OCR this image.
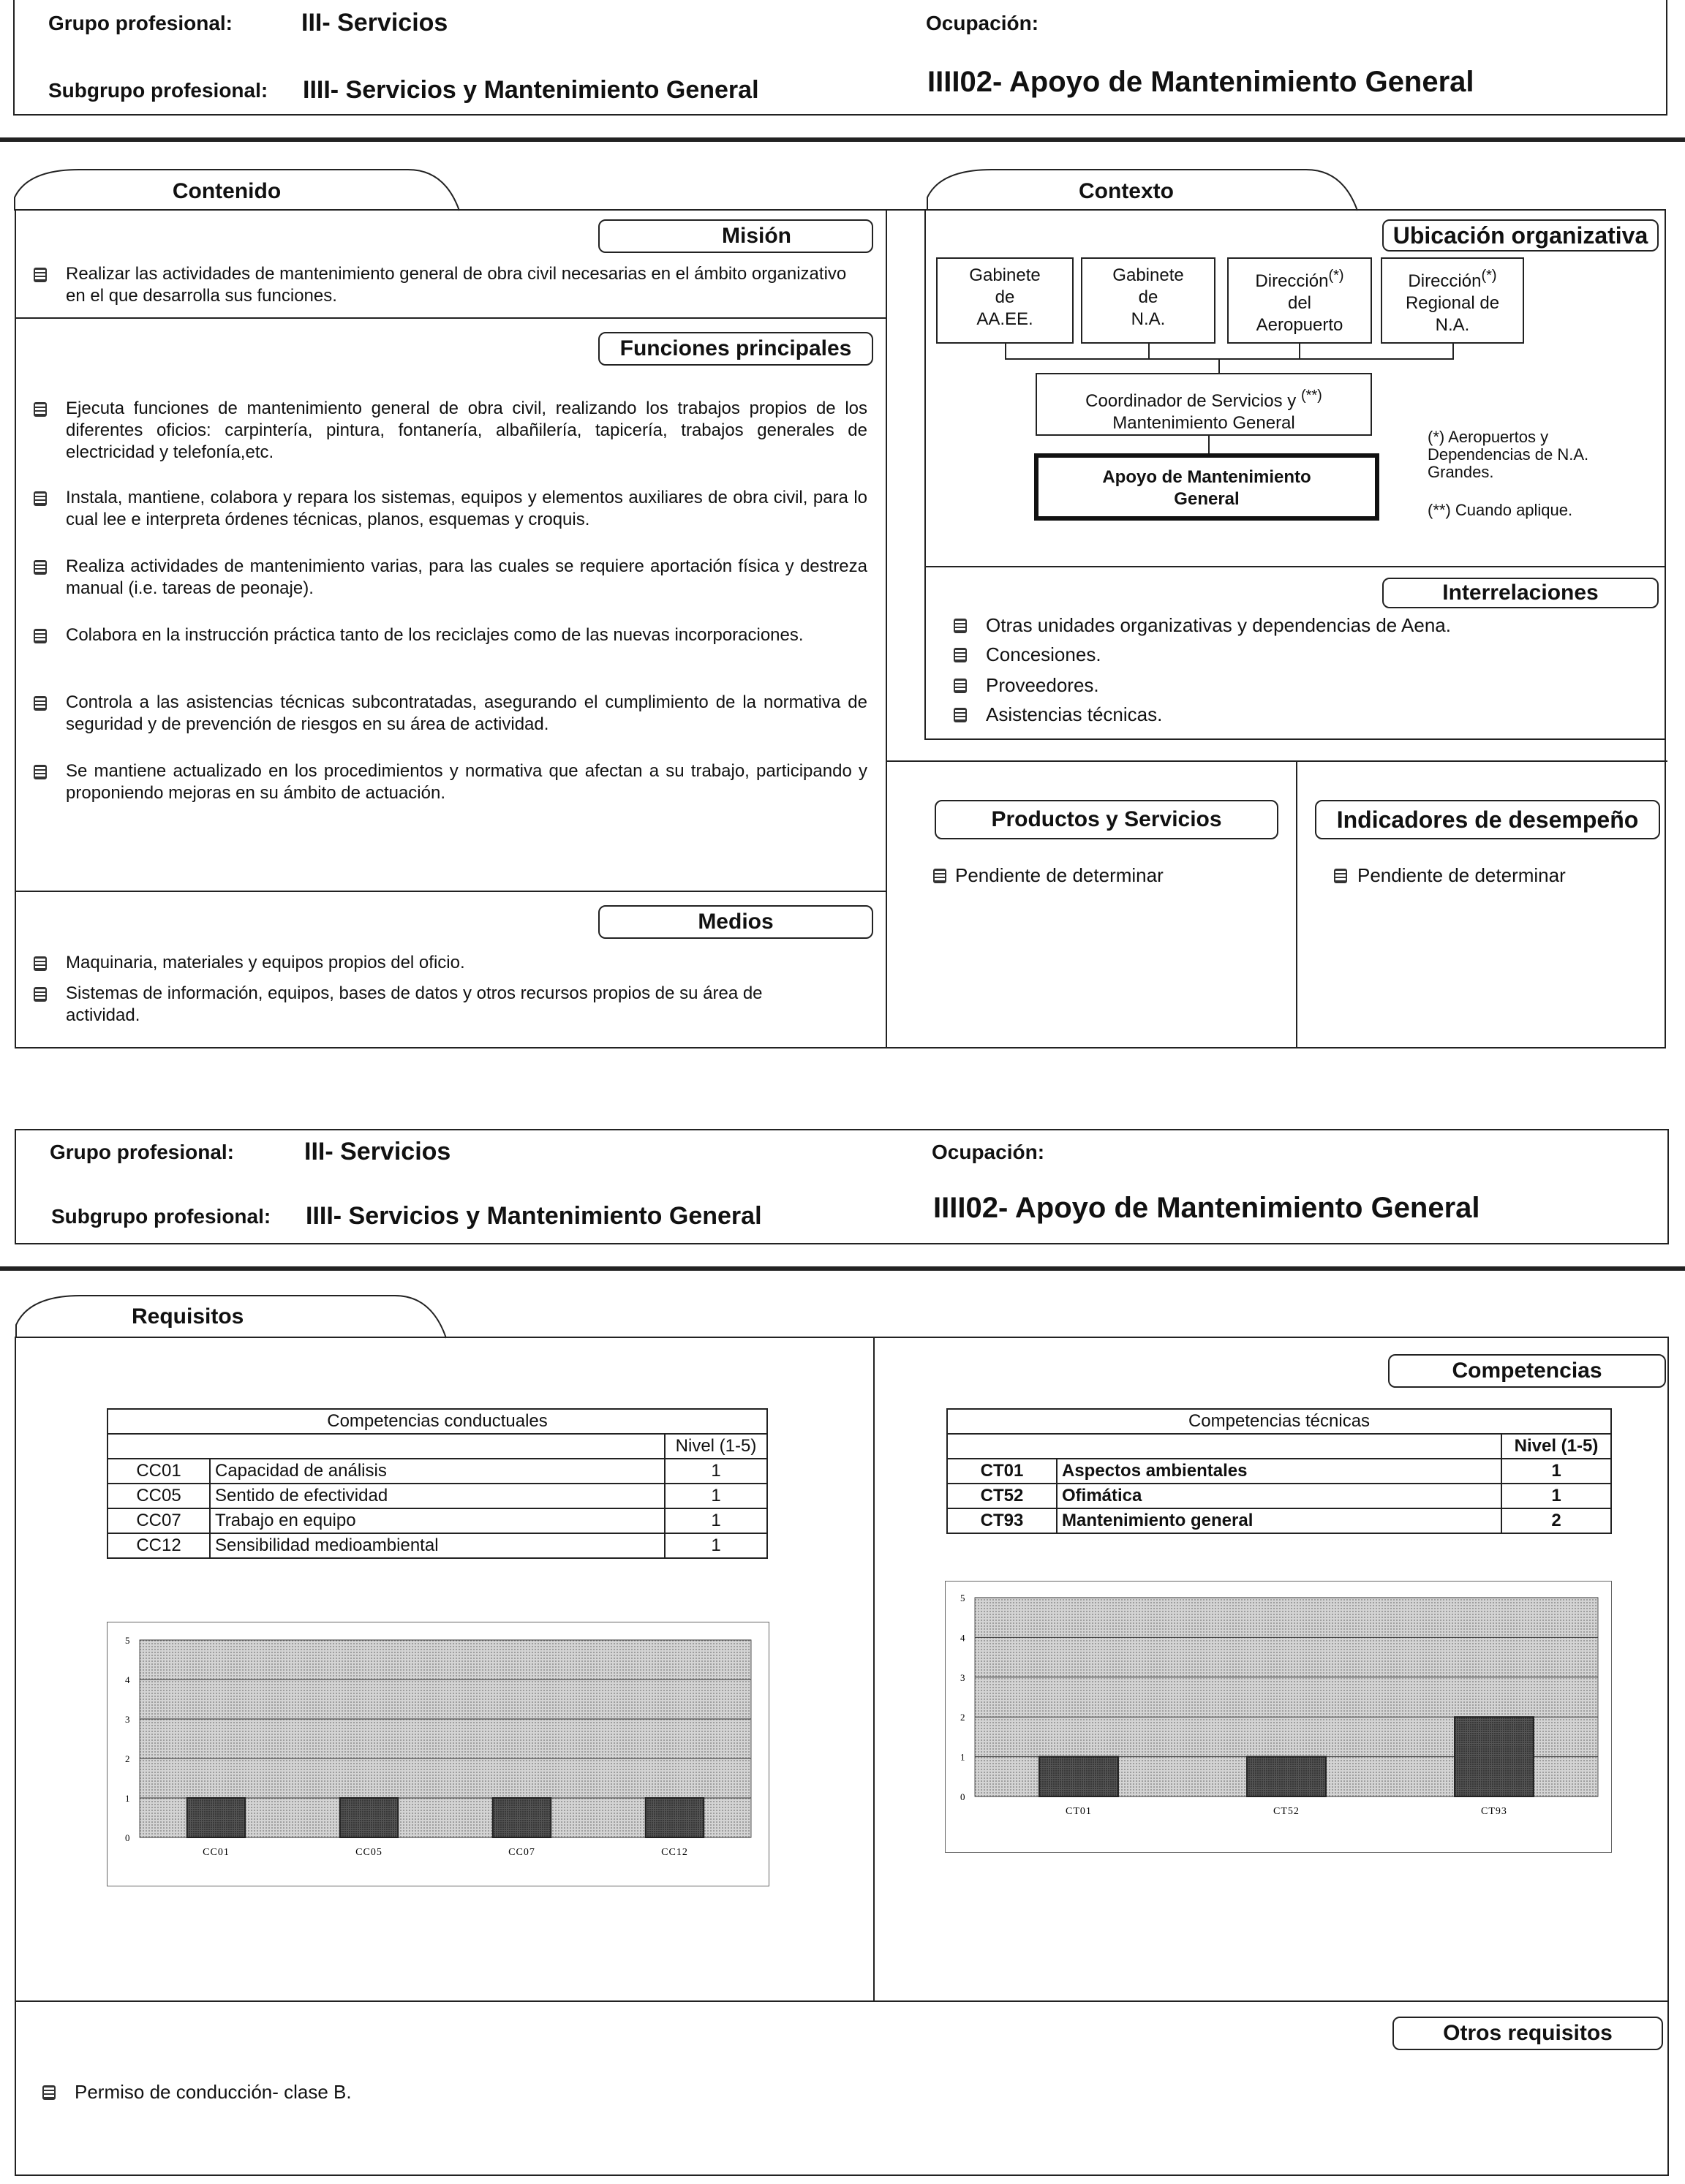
Grupo profesional:	III- Servicios
Subgrupo profesional: IIII- Servicios y Mantenimiento General
Ocupación:
IIII02- Apoyo de Mantenimiento General
Contenido	Contexto
Misión
Realizar las actividades de mantenimiento general de obra civil necesarias en el ámbito organizativo en el que desarrolla sus funciones.
Funciones principales
Ejecuta funciones de mantenimiento general de obra civil, realizando los trabajos propios de los diferentes oficios: carpintería, pintura, fontanería, albañilería, tapicería, trabajos generales de electricidad y telefonía,etc.
Instala, mantiene, colabora y repara los sistemas, equipos y elementos auxiliares de obra civil, para lo cual lee e interpreta órdenes técnicas, planos, esquemas y croquis.
Realiza actividades de mantenimiento varias, para las cuales se requiere aportación física y destreza manual (i.e. tareas de peonaje).
Colabora en la instrucción práctica tanto de los reciclajes como de las nuevas incorporaciones.
Controla a las asistencias técnicas subcontratadas, asegurando el cumplimiento de la normativa de seguridad y de prevención de riesgos en su área de actividad.
Se mantiene actualizado en los procedimientos y normativa que afectan a su trabajo, participando y proponiendo mejoras en su ámbito de actuación.
Medios
Maquinaria, materiales y equipos propios del oficio.
Sistemas de información, equipos, bases de datos y otros recursos propios de su área de actividad.
Ubicación organizativa
Gabinete
de
AA.EE.
Gabinete
de
N.A.
Dirección(*)
del
Aeropuerto
Dirección(*)
Regional de
N.A.
Coordinador de Servicios y (**)
Mantenimiento General
Apoyo de Mantenimiento
General
(*) Aeropuertos y Dependencias de N.A. Grandes.
(**) Cuando aplique.
Interrelaciones
Otras unidades organizativas y dependencias de Aena.
Concesiones.
Proveedores.
Asistencias técnicas.
Productos y Servicios
Pendiente de determinar
Indicadores de desempeño
Pendiente de determinar
Grupo profesional:	III- Servicios
Subgrupo profesional: IIII- Servicios y Mantenimiento General
Ocupación:
IIII02- Apoyo de Mantenimiento General
Requisitos
Competencias
Competencias conductuales		
		Nivel (1-5)
CC01	Capacidad de análisis	1
CC05	Sentido de efectividad	1
CC07	Trabajo en equipo	1
CC12	Sensibilidad medioambiental	1
Competencias técnicas		
		Nivel (1-5)
CT01	Aspectos ambientales	1
CT52	Ofimática	1
CT93	Mantenimiento general	2
0
1
2
3
4
5
CC01	CC05	CC07	CC12
0
1
2
3
4
5
CT01	CT52	CT93
Otros requisitos
Permiso de conducción- clase B.
